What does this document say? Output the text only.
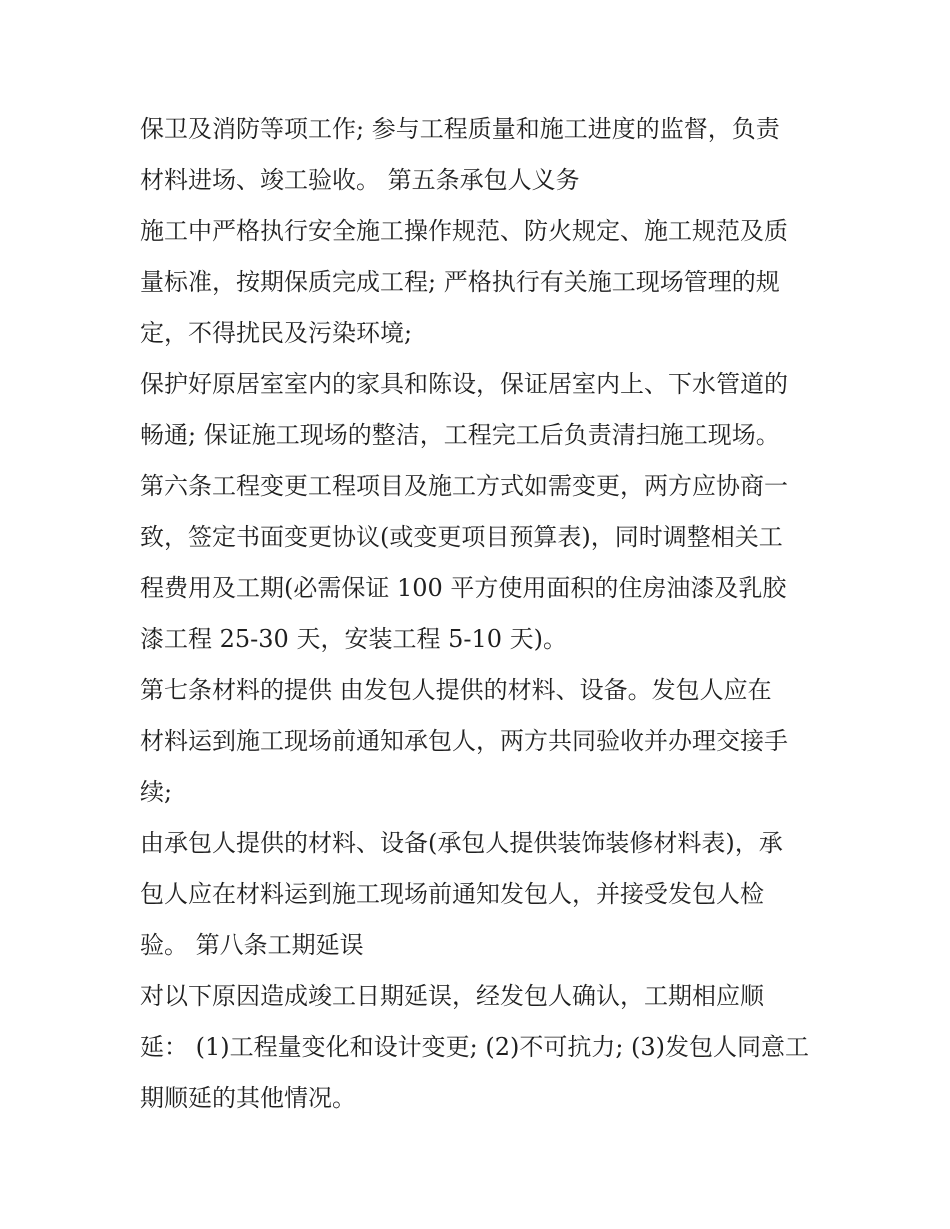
保卫及消防等项工作; 参与工程质量和施工进度的监督，负责
材料进场、竣工验收。 第五条承包人义务
施工中严格执行安全施工操作规范、防火规定、施工规范及质
量标准，按期保质完成工程; 严格执行有关施工现场管理的规
定，不得扰民及污染环境;
保护好原居室室内的家具和陈设，保证居室内上、下水管道的
畅通; 保证施工现场的整洁，工程完工后负责清扫施工现场。
第六条工程变更工程项目及施工方式如需变更，两方应协商一
致，签定书面变更协议(或变更项目预算表)，同时调整相关工
程费用及工期(必需保证 100 平方使用面积的住房油漆及乳胶
漆工程 25-30 天，安装工程 5-10 天)。
第七条材料的提供 由发包人提供的材料、设备。发包人应在
材料运到施工现场前通知承包人，两方共同验收并办理交接手
续;
由承包人提供的材料、设备(承包人提供装饰装修材料表)，承
包人应在材料运到施工现场前通知发包人，并接受发包人检
验。 第八条工期延误
对以下原因造成竣工日期延误，经发包人确认，工期相应顺
延： (1)工程量变化和设计变更; (2)不可抗力; (3)发包人同意工
期顺延的其他情况。
